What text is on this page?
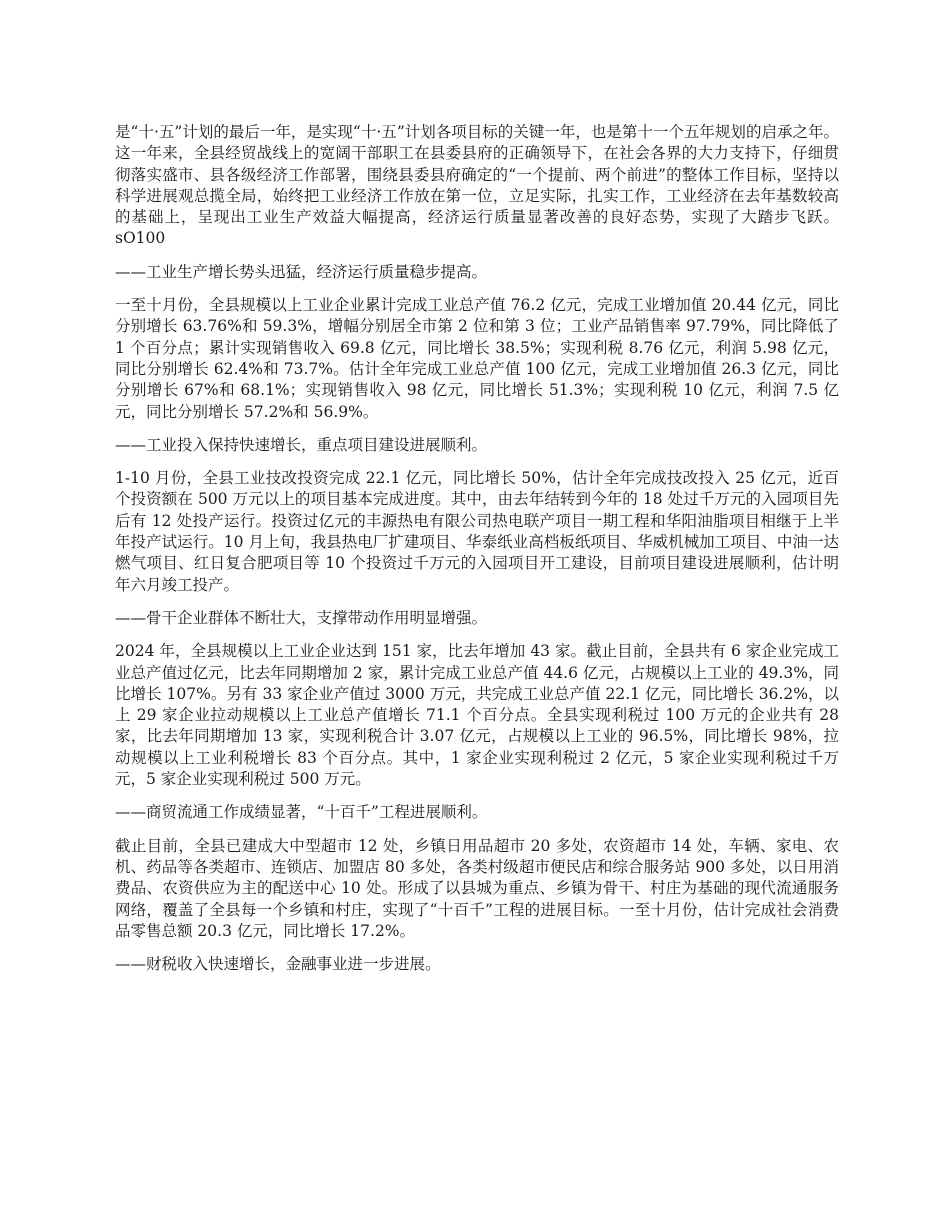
是“十·五”计划的最后一年，是实现“十·五”计划各项目标的关键一年，也是第十一个五年规划的启承之年。这一年来，全县经贸战线上的宽阔干部职工在县委县府的正确领导下，在社会各界的大力支持下，仔细贯彻落实盛市、县各级经济工作部署，围绕县委县府确定的“一个提前、两个前进”的整体工作目标，坚持以科学进展观总揽全局，始终把工业经济工作放在第一位，立足实际，扎实工作，工业经济在去年基数较高的基础上，呈现出工业生产效益大幅提高，经济运行质量显著改善的良好态势，实现了大踏步飞跃。sO100

——工业生产增长势头迅猛，经济运行质量稳步提高。

一至十月份，全县规模以上工业企业累计完成工业总产值 76.2 亿元，完成工业增加值 20.44 亿元，同比分别增长 63.76%和 59.3%，增幅分别居全市第 2 位和第 3 位；工业产品销售率 97.79%，同比降低了 1 个百分点；累计实现销售收入 69.8 亿元，同比增长 38.5%；实现利税 8.76 亿元，利润 5.98 亿元，同比分别增长 62.4%和 73.7%。估计全年完成工业总产值 100 亿元，完成工业增加值 26.3 亿元，同比分别增长 67%和 68.1%；实现销售收入 98 亿元，同比增长 51.3%；实现利税 10 亿元，利润 7.5 亿元，同比分别增长 57.2%和 56.9%。

——工业投入保持快速增长，重点项目建设进展顺利。

1-10 月份，全县工业技改投资完成 22.1 亿元，同比增长 50%，估计全年完成技改投入 25 亿元，近百个投资额在 500 万元以上的项目基本完成进度。其中，由去年结转到今年的 18 处过千万元的入园项目先后有 12 处投产运行。投资过亿元的丰源热电有限公司热电联产项目一期工程和华阳油脂项目相继于上半年投产试运行。10 月上旬，我县热电厂扩建项目、华泰纸业高档板纸项目、华威机械加工项目、中油一达燃气项目、红日复合肥项目等 10 个投资过千万元的入园项目开工建设，目前项目建设进展顺利，估计明年六月竣工投产。

——骨干企业群体不断壮大，支撑带动作用明显增强。

2024 年，全县规模以上工业企业达到 151 家，比去年增加 43 家。截止目前，全县共有 6 家企业完成工业总产值过亿元，比去年同期增加 2 家，累计完成工业总产值 44.6 亿元，占规模以上工业的 49.3%，同比增长 107%。另有 33 家企业产值过 3000 万元，共完成工业总产值 22.1 亿元，同比增长 36.2%，以上 29 家企业拉动规模以上工业总产值增长 71.1 个百分点。全县实现利税过 100 万元的企业共有 28 家，比去年同期增加 13 家，实现利税合计 3.07 亿元，占规模以上工业的 96.5%，同比增长 98%，拉动规模以上工业利税增长 83 个百分点。其中，1 家企业实现利税过 2 亿元，5 家企业实现利税过千万元，5 家企业实现利税过 500 万元。

——商贸流通工作成绩显著，“十百千”工程进展顺利。

截止目前，全县已建成大中型超市 12 处，乡镇日用品超市 20 多处，农资超市 14 处，车辆、家电、农机、药品等各类超市、连锁店、加盟店 80 多处，各类村级超市便民店和综合服务站 900 多处，以日用消费品、农资供应为主的配送中心 10 处。形成了以县城为重点、乡镇为骨干、村庄为基础的现代流通服务网络，覆盖了全县每一个乡镇和村庄，实现了“十百千”工程的进展目标。一至十月份，估计完成社会消费品零售总额 20.3 亿元，同比增长 17.2%。

——财税收入快速增长，金融事业进一步进展。
